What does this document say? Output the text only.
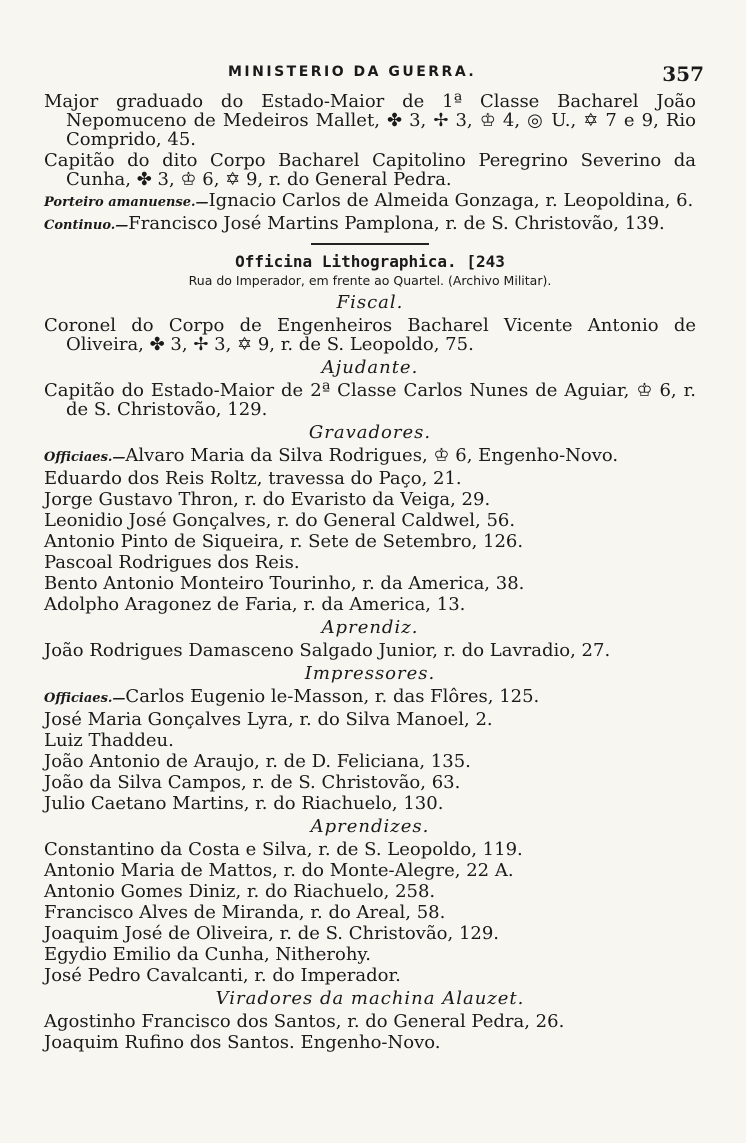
MINISTERIO DA GUERRA.	357

Major graduado do Estado-Maior de 1ª Classe Bacharel João Nepomuceno de Medeiros Mallet, ✤ 3, ✢ 3, ♔ 4, ◎ U., ✡ 7 e 9, Rio Comprido, 45.

Capitão do dito Corpo Bacharel Capitolino Peregrino Severino da Cunha, ✤ 3, ♔ 6, ✡ 9, r. do General Pedra.

Porteiro amanuense.—Ignacio Carlos de Almeida Gonzaga, r. Leopoldina, 6.

Continuo.—Francisco José Martins Pamplona, r. de S. Christovão, 139.

Officina Lithographica. [243
Rua do Imperador, em frente ao Quartel. (Archivo Militar).
Fiscal.

Coronel do Corpo de Engenheiros Bacharel Vicente Antonio de Oliveira, ✤ 3, ✢ 3, ✡ 9, r. de S. Leopoldo, 75.

Ajudante.

Capitão do Estado-Maior de 2ª Classe Carlos Nunes de Aguiar, ♔ 6, r. de S. Christovão, 129.

Gravadores.

Officiaes.—Alvaro Maria da Silva Rodrigues, ♔ 6, Engenho-Novo.

Eduardo dos Reis Roltz, travessa do Paço, 21.

Jorge Gustavo Thron, r. do Evaristo da Veiga, 29.

Leonidio José Gonçalves, r. do General Caldwel, 56.

Antonio Pinto de Siqueira, r. Sete de Setembro, 126.

Pascoal Rodrigues dos Reis.

Bento Antonio Monteiro Tourinho, r. da America, 38.

Adolpho Aragonez de Faria, r. da America, 13.

Aprendiz.

João Rodrigues Damasceno Salgado Junior, r. do Lavradio, 27.

Impressores.

Officiaes.—Carlos Eugenio le-Masson, r. das Flôres, 125.

José Maria Gonçalves Lyra, r. do Silva Manoel, 2.

Luiz Thaddeu.

João Antonio de Araujo, r. de D. Feliciana, 135.

João da Silva Campos, r. de S. Christovão, 63.

Julio Caetano Martins, r. do Riachuelo, 130.

Aprendizes.

Constantino da Costa e Silva, r. de S. Leopoldo, 119.

Antonio Maria de Mattos, r. do Monte-Alegre, 22 A.

Antonio Gomes Diniz, r. do Riachuelo, 258.

Francisco Alves de Miranda, r. do Areal, 58.

Joaquim José de Oliveira, r. de S. Christovão, 129.

Egydio Emilio da Cunha, Nitherohy.

José Pedro Cavalcanti, r. do Imperador.

Viradores da machina Alauzet.

Agostinho Francisco dos Santos, r. do General Pedra, 26.

Joaquim Rufino dos Santos. Engenho-Novo.
